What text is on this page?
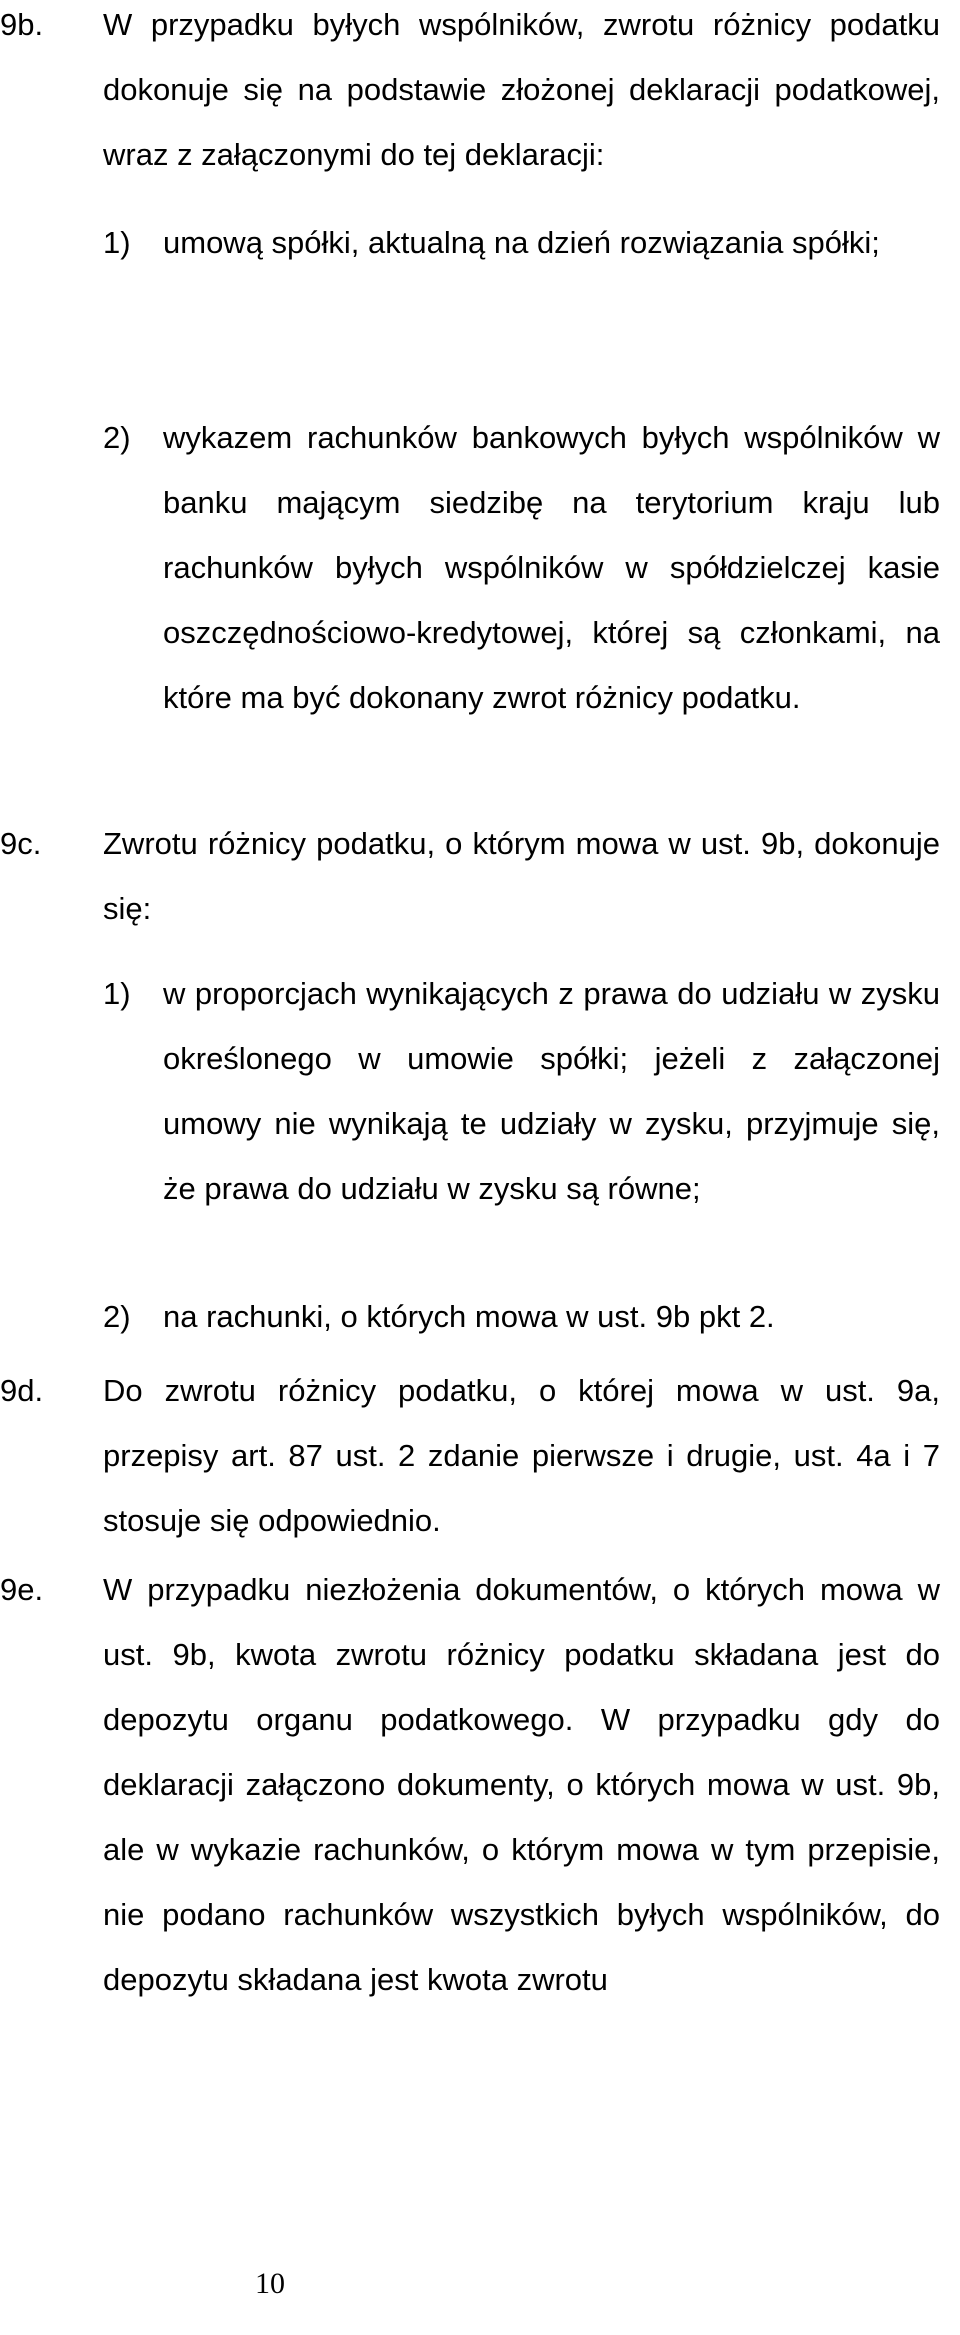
9b. W przypadku byłych wspólników, zwrotu różnicy podatku dokonuje się na podstawie złożonej deklaracji podatkowej, wraz z załączonymi do tej deklaracji:
1) umową spółki, aktualną na dzień rozwiązania spółki;
2) wykazem rachunków bankowych byłych wspólników w banku mającym siedzibę na terytorium kraju lub rachunków byłych wspólników w spółdzielczej kasie oszczędnościowo-kredytowej, której są członkami, na które ma być dokonany zwrot różnicy podatku.
9c. Zwrotu różnicy podatku, o którym mowa w ust. 9b, dokonuje się:
1) w proporcjach wynikających z prawa do udziału w zysku określonego w umowie spółki; jeżeli z załączonej umowy nie wynikają te udziały w zysku, przyjmuje się, że prawa do udziału w zysku są równe;
2) na rachunki, o których mowa w ust. 9b pkt 2.
9d. Do zwrotu różnicy podatku, o której mowa w ust. 9a, przepisy art. 87 ust. 2 zdanie pierwsze i drugie, ust. 4a i 7 stosuje się odpowiednio.
9e. W przypadku niezłożenia dokumentów, o których mowa w ust. 9b, kwota zwrotu różnicy podatku składana jest do depozytu organu podatkowego. W przypadku gdy do deklaracji załączono dokumenty, o których mowa w ust. 9b, ale w wykazie rachunków, o którym mowa w tym przepisie, nie podano rachunków wszystkich byłych wspólników, do depozytu składana jest kwota zwrotu
10
